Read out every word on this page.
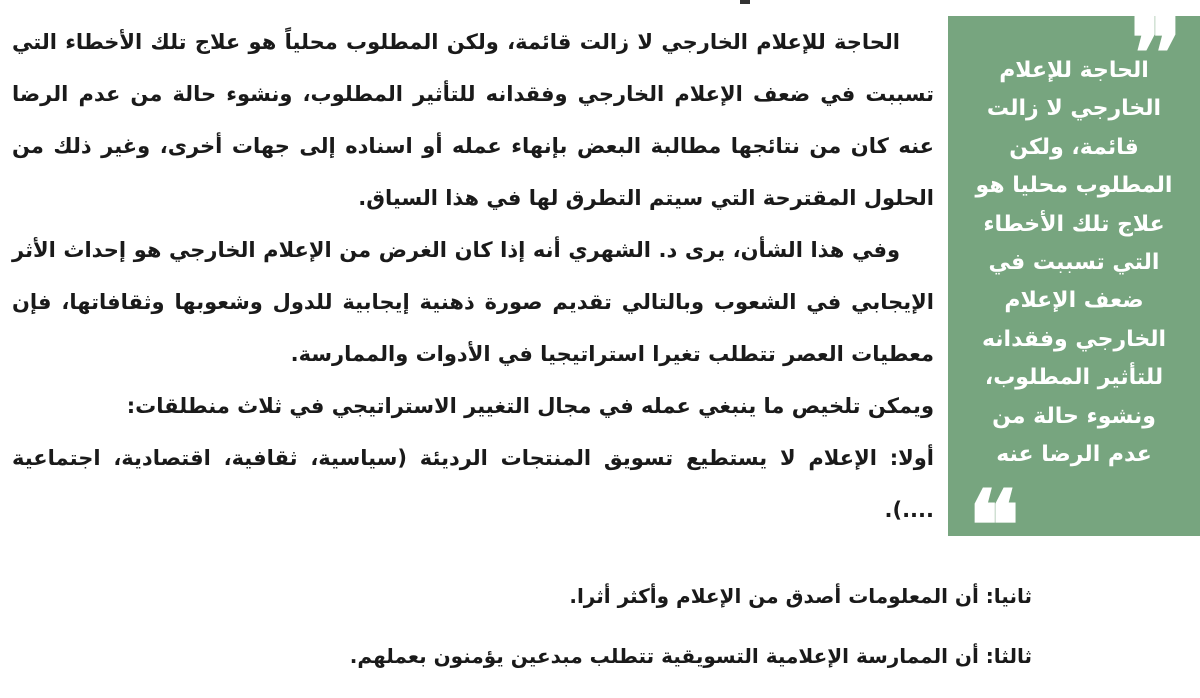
❞
الحاجة للإعلام
الخارجي لا زالت
قائمة، ولكن
المطلوب محليا هو
علاج تلك الأخطاء
التي تسببت في
ضعف الإعلام
الخارجي وفقدانه
للتأثير المطلوب،
ونشوء حالة من
عدم الرضا عنه
❝

الحاجة للإعلام الخارجي لا زالت قائمة، ولكن المطلوب محلياً هو علاج تلك الأخطاء التي تسببت في ضعف الإعلام الخارجي وفقدانه للتأثير المطلوب، ونشوء حالة من عدم الرضا عنه كان من نتائجها مطالبة البعض بإنهاء عمله أو اسناده إلى جهات أخرى، وغير ذلك من الحلول المقترحة التي سيتم التطرق لها في هذا السياق.

وفي هذا الشأن، يرى د. الشهري أنه إذا كان الغرض من الإعلام الخارجي هو إحداث الأثر الإيجابي في الشعوب وبالتالي تقديم صورة ذهنية إيجابية للدول وشعوبها وثقافاتها، فإن معطيات العصر تتطلب تغيرا استراتيجيا في الأدوات والممارسة.

ويمكن تلخيص ما ينبغي عمله في مجال التغيير الاستراتيجي في ثلاث منطلقات:

أولا: الإعلام لا يستطيع تسويق المنتجات الرديئة (سياسية، ثقافية، اقتصادية، اجتماعية ....).

ثانيا: أن المعلومات أصدق من الإعلام وأكثر أثرا.

ثالثا: أن الممارسة الإعلامية التسويقية تتطلب مبدعين يؤمنون بعملهم.
